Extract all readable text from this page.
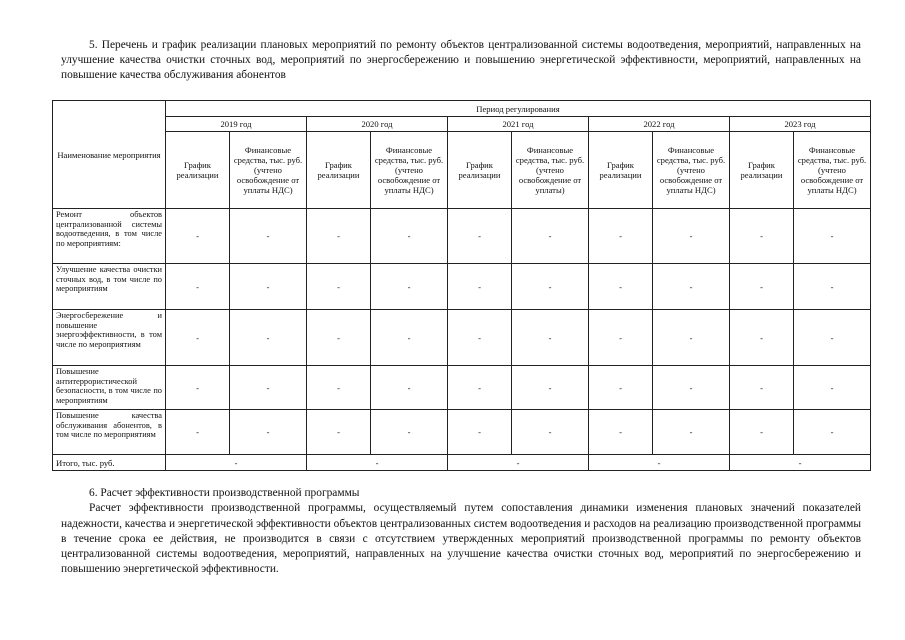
5. Перечень и график реализации плановых мероприятий по ремонту объектов централизованной системы водоотведения, мероприятий, направленных на улучшение качества очистки сточных вод, мероприятий по энергосбережению и повышению энергетической эффективности, мероприятий, направленных на повышение качества обслуживания абонентов

Наименование мероприятия	Период регулирования									
	2019 год		2020 год		2021 год		2022 год		2023 год	
	График реализации	Финансовые средства, тыс. руб. (учтено освобождение от уплаты НДС)	График реализации	Финансовые средства, тыс. руб. (учтено освобождение от уплаты НДС)	График реализации	Финансовые средства, тыс. руб. (учтено освобождение от уплаты)	График реализации	Финансовые средства, тыс. руб. (учтено освобождение от уплаты НДС)	График реализации	Финансовые средства, тыс. руб. (учтено освобождение от уплаты НДС)
Ремонт объектов централизованной системы водоотведения, в том числе по мероприятиям:	-	-	-	-	-	-	-	-	-	-
Улучшение качества очистки сточных вод, в том числе по мероприятиям	-	-	-	-	-	-	-	-	-	-
Энергосбережение и повышение энергоэффективности, в том числе по мероприятиям	-	-	-	-	-	-	-	-	-	-
Повышение антитеррористической безопасности, в том числе по мероприятиям	-	-	-	-	-	-	-	-	-	-
Повышение качества обслуживания абонентов, в том числе по мероприятиям	-	-	-	-	-	-	-	-	-	-
Итого, тыс. руб.	-		-		-		-		-	

6. Расчет эффективности производственной программы

Расчет эффективности производственной программы, осуществляемый путем сопоставления динамики изменения плановых значений показателей надежности, качества и энергетической эффективности объектов централизованных систем водоотведения и расходов на реализацию производственной программы в течение срока ее действия, не производится в связи с отсутствием утвержденных мероприятий производственной программы по ремонту объектов централизованной системы водоотведения, мероприятий, направленных на улучшение качества очистки сточных вод, мероприятий по энергосбережению и повышению энергетической эффективности.
